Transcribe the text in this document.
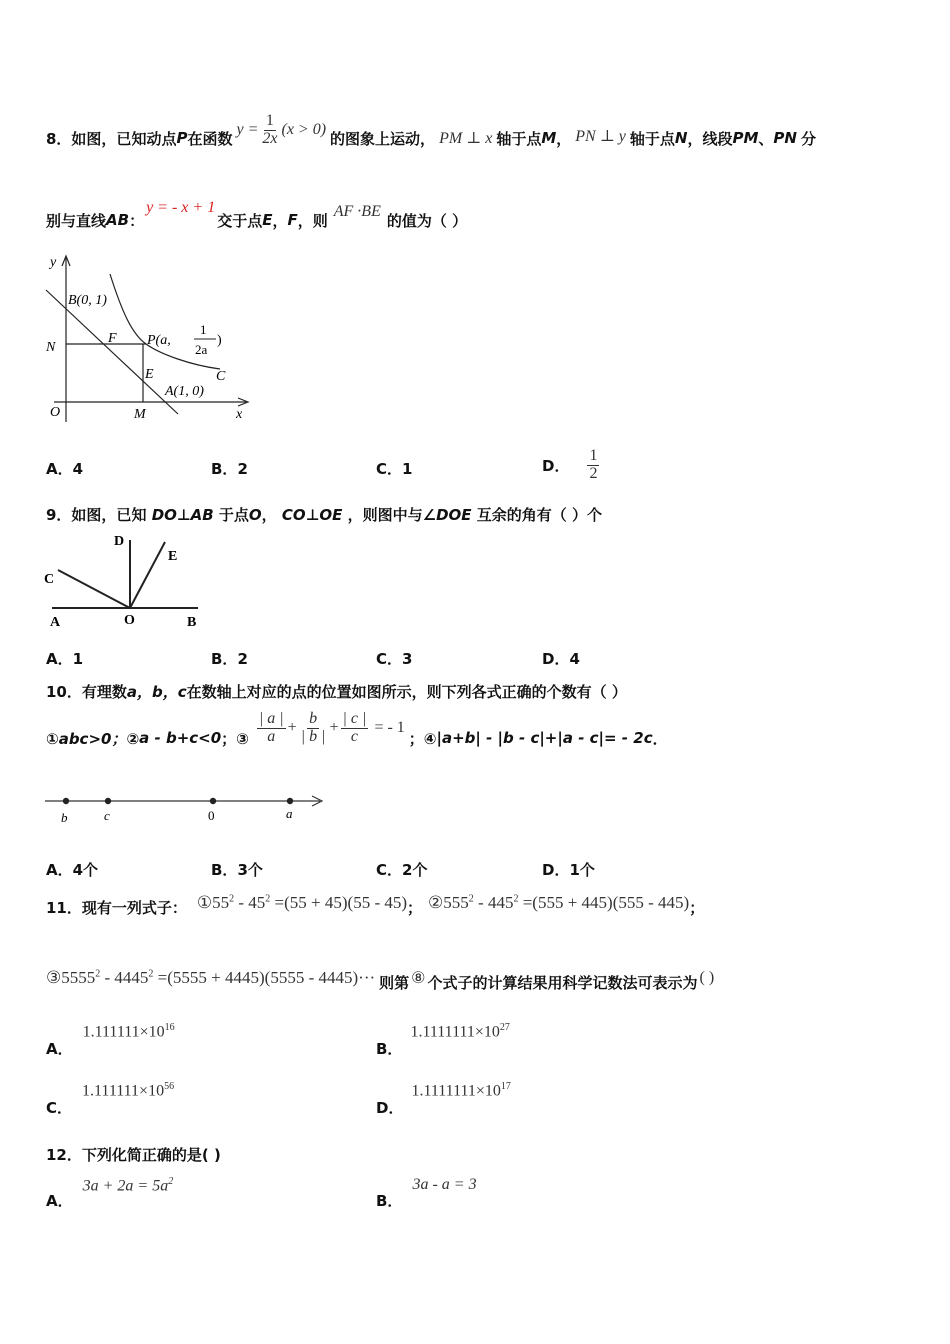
8．如图，已知动点 P 在函数 $y = \frac{1}{2x} (x > 0)$ 的图象上运动， PM ⊥ x 轴于点 M ， PN ⊥ y 轴于点 N ，线段 PM 、 PN 分
别与直线 AB ：
y = - x + 1
交于点 E ， F ，则 AF ·BE 的值为（ ）
y
x
B(0, 1)
N
F P(a,
1
2a
)
E	C
A(1, 0)
O	M
A．4	B．2	C．1	D． $\frac{1}{2}$
9．如图，已知 DO⊥AB 于点O， CO⊥OE ，则图中与∠DOE 互余的角有（ ）个
D
E
C
A	O	B
A．1	B．2	C．3	D．4
10．有理数a，b，c在数轴上对应的点的位置如图所示，则下列各式正确的个数有（ ）
①abc>0；② a - b+c<0 ；③ $\frac{| a |}{a} + \frac{b}{| b |} + \frac{| c |}{c}$ = - 1
；④ |a+b| - |b - c|+|a - c|= - 2c ．
b	c	0	a
A．4个	B．3个	C．2个	D．1个
11．现有一列式子： $①55^2 - 45^2 =(55 + 45)(55 - 45)$ ； $②555^2 - 445^2 =(555 + 445)(555 - 445)$ ；
③5555$^2$ - $4445^2 =(5555 + 4445)(5555 - 4445)\cdot\cdot\cdot$ 则第 ⑧ 个式子的计算结果用科学记数法可表示为 ( )
A．
$1.111111\times 10^{16}$
B．
$1.1111111\times 10^{27}$
C．
$1.111111\times 10^{56}$
D．
$1.1111111\times 10^{17}$
12．下列化简正确的是( )
A．
$3a + 2a = 5a^2$
B．
3a - a = 3
